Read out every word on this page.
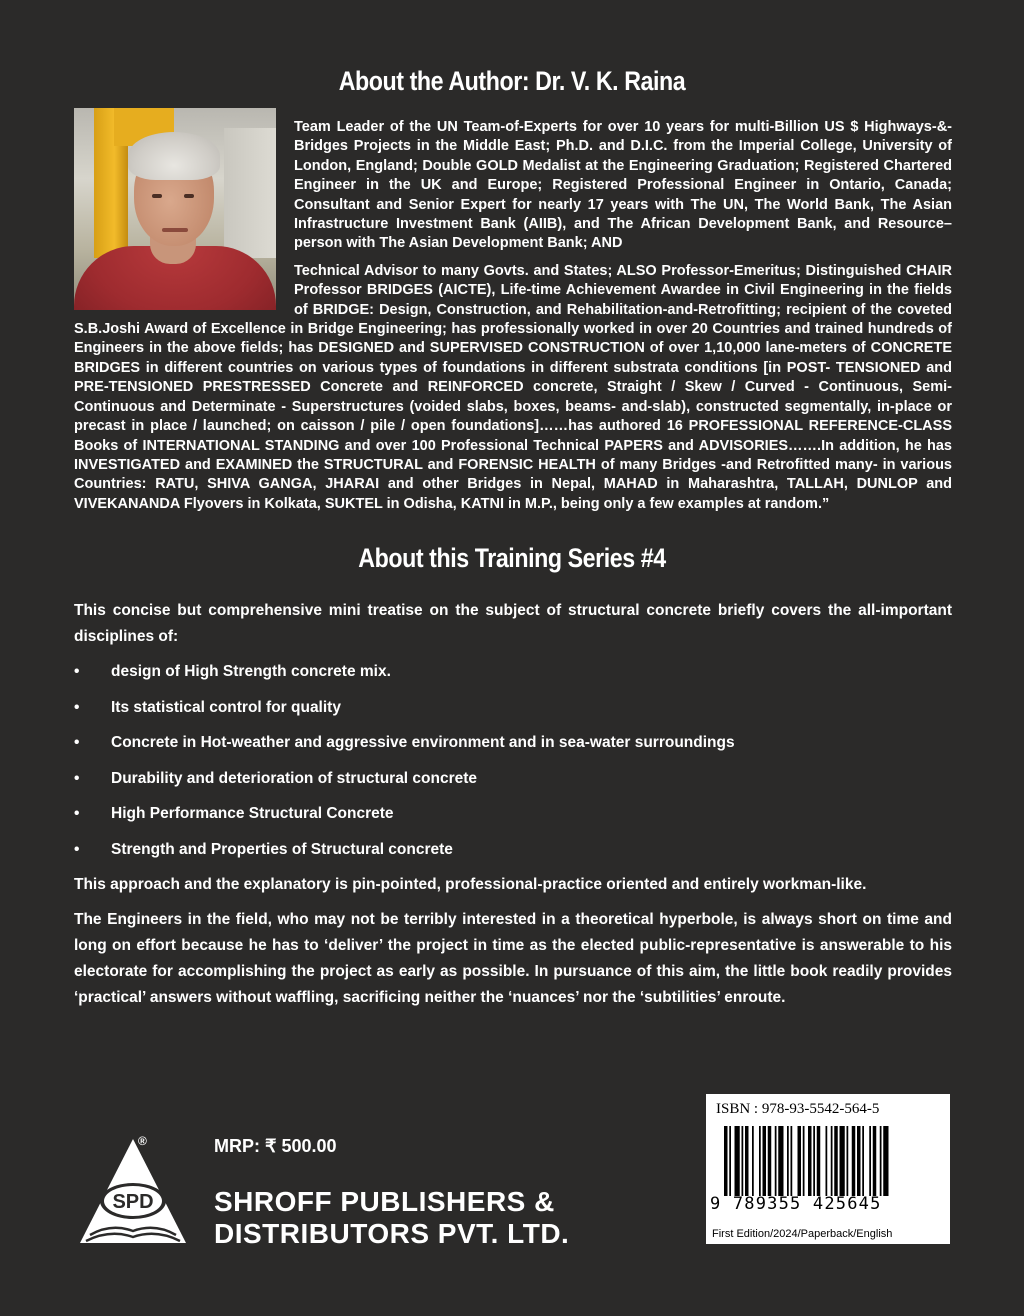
About the Author: Dr. V. K. Raina

Team Leader of the UN Team-of-Experts for over 10 years for multi-Billion US $ Highways-&-Bridges Projects in the Middle East; Ph.D. and D.I.C. from the Imperial College, University of London, England; Double GOLD Medalist at the Engineering Graduation; Registered Chartered Engineer in the UK and Europe; Registered Professional Engineer in Ontario, Canada; Consultant and Senior Expert for nearly 17 years with The UN, The World Bank, The Asian Infrastructure Investment Bank (AIIB), and The African Development Bank, and Resource–person with The Asian Development Bank; AND

Technical Advisor to many Govts. and States; ALSO Professor-Emeritus; Distinguished CHAIR Professor BRIDGES (AICTE), Life-time Achievement Awardee in Civil Engineering in the fields of BRIDGE: Design, Construction, and Rehabilitation-and-Retrofitting; recipient of the coveted S.B.Joshi Award of Excellence in Bridge Engineering; has professionally worked in over 20 Countries and trained hundreds of Engineers in the above fields; has DESIGNED and SUPERVISED CONSTRUCTION of over 1,10,000 lane-meters of CONCRETE BRIDGES in different countries on various types of foundations in different substrata conditions [in POST- TENSIONED and PRE-TENSIONED PRESTRESSED Concrete and REINFORCED concrete, Straight / Skew / Curved - Continuous, Semi-Continuous and Determinate - Superstructures (voided slabs, boxes, beams- and-slab), constructed segmentally, in-place or precast in place / launched; on caisson / pile / open foundations]……has authored 16 PROFESSIONAL REFERENCE-CLASS Books of INTERNATIONAL STANDING and over 100 Professional Technical PAPERS and ADVISORIES…….In addition, he has INVESTIGATED and EXAMINED the STRUCTURAL and FORENSIC HEALTH of many Bridges -and Retrofitted many- in various Countries: RATU, SHIVA GANGA, JHARAI and other Bridges in Nepal, MAHAD in Maharashtra, TALLAH, DUNLOP and VIVEKANANDA Flyovers in Kolkata, SUKTEL in Odisha, KATNI in M.P., being only a few examples at random.”

About this Training Series #4

This concise but comprehensive mini treatise on the subject of structural concrete briefly covers the all-important disciplines of:

• design of High Strength concrete mix.
• Its statistical control for quality
• Concrete in Hot-weather and aggressive environment and in sea-water surroundings
• Durability and deterioration of structural concrete
• High Performance Structural Concrete
• Strength and Properties of Structural concrete

This approach and the explanatory is pin-pointed, professional-practice oriented and entirely workman-like.

The Engineers in the field, who may not be terribly interested in a theoretical hyperbole, is always short on time and long on effort because he has to ‘deliver’ the project in time as the elected public-representative is answerable to his electorate for accomplishing the project as early as possible. In pursuance of this aim, the little book readily provides ‘practical’ answers without waffling, sacrificing neither the ‘nuances’ nor the ‘subtilities’ enroute.

SPD
®	MRP: ₹ 500.00
SHROFF PUBLISHERS &
DISTRIBUTORS PVT. LTD.
ISBN : 978-93-5542-564-5
9 789355 425645
First Edition/2024/Paperback/English
